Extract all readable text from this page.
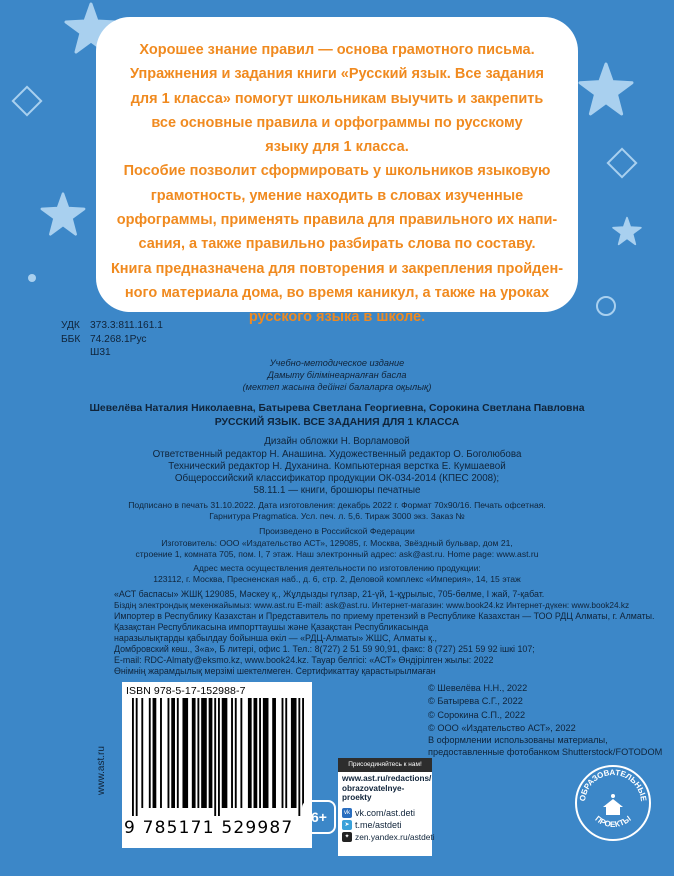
Хорошее знание правил — основа грамотного письма.

Упражнения и задания книги «Русский язык. Все задания

для 1 класса» помогут школьникам выучить и закрепить

все основные правила и орфограммы по русскому

языку для 1 класса.

Пособие позволит сформировать у школьников языковую

грамотность, умение находить в словах изученные

орфограммы, применять правила для правильного их напи-

сания, а также правильно разбирать слова по составу.

Книга предназначена для повторения и закрепления пройден-

ного материала дома, во время каникул, а также на уроках

русского языка в школе.

УДК 373.3:811.161.1
ББК 74.268.1Рус
Ш31
Учебно-методическое издание
Дамыту бiлiмiнеарналған басла
(мектеп жасына дейiнгi балаларға оқылық)
Шевелёва Наталия Николаевна, Батырева Светлана Георгиевна, Сорокина Светлана Павловна
РУССКИЙ ЯЗЫК. ВСЕ ЗАДАНИЯ ДЛЯ 1 КЛАССА
Дизайн обложки Н. Ворламовой
Ответственный редактор Н. Анашина. Художественный редактор О. Боголюбова
Технический редактор Н. Духанина. Компьютерная верстка Е. Кумшаевой
Общероссийский классификатор продукции ОК-034-2014 (КПЕС 2008);
58.11.1 — книги, брошюры печатные
Подписано в печать 31.10.2022. Дата изготовления: декабрь 2022 г. Формат 70x90/16. Печать офсетная.
Гарнитура Pragmatica. Усл. печ. л. 5,6. Тираж 3000 экз. Заказ №
Произведено в Российской Федерации
Изготовитель: ООО «Издательство АСТ», 129085, г. Москва, Звёздный бульвар, дом 21,
строение 1, комната 705, пом. I, 7 этаж. Наш электронный адрес: ask@ast.ru. Home page: www.ast.ru
Адрес места осуществления деятельности по изготовлению продукции:
123112, г. Москва, Пресненская наб., д. 6, стр. 2, Деловой комплекс «Империя», 14, 15 этаж
«АСТ баспасы» ЖШҚ 129085, Мәскеу қ., Жұлдызды гүлзар, 21-үй, 1-құрылыс, 705-бөлме, I жай, 7-қабат.
Біздің электрондық мекенжайымыз: www.ast.ru E-mail: ask@ast.ru. Интернет-магазин: www.book24.kz Интернет-дүкен: www.book24.kz
Импортер в Республику Казахстан и Представитель по приему претензий в Республике Казахстан — ТОО РДЦ Алматы, г. Алматы.
Қазақстан Республикасына импорттаушы және Қазақстан Республикасында
наразылықтарды қабылдау бойынша өкіл — «РДЦ-Алматы» ЖШС, Алматы қ.,
Домбровский көш., 3«а», Б литері, офис 1. Тел.: 8(727) 2 51 59 90,91, факс: 8 (727) 251 59 92 ішкі 107;
E-mail: RDC-Almaty@eksmo.kz, www.book24.kz. Тауар белгісі: «АСТ» Өндірілген жылы: 2022
Өнімнің жарамдылық мерзімі шектелмеген. Сертификаттау қарастырылмаған
© Шевелёва Н.Н., 2022
© Батырева С.Г., 2022
© Сорокина С.П., 2022
© ООО «Издательство АСТ», 2022
В оформлении использованы материалы,
предоставленные фотобанком Shutterstock/FOTODOM
www.ast.ru
ISBN 978-5-17-152988-7
9 785171 529987
6+
Присоединяйтесь к нам!
www.ast.ru/redactions/
obrazovatelnye-proekty
vk vk.com/ast.deti
➤ t.me/astdeti
✦ zen.yandex.ru/astdeti
ОБРАЗОВАТЕЛЬНЫЕ
ПРОЕКТЫ
